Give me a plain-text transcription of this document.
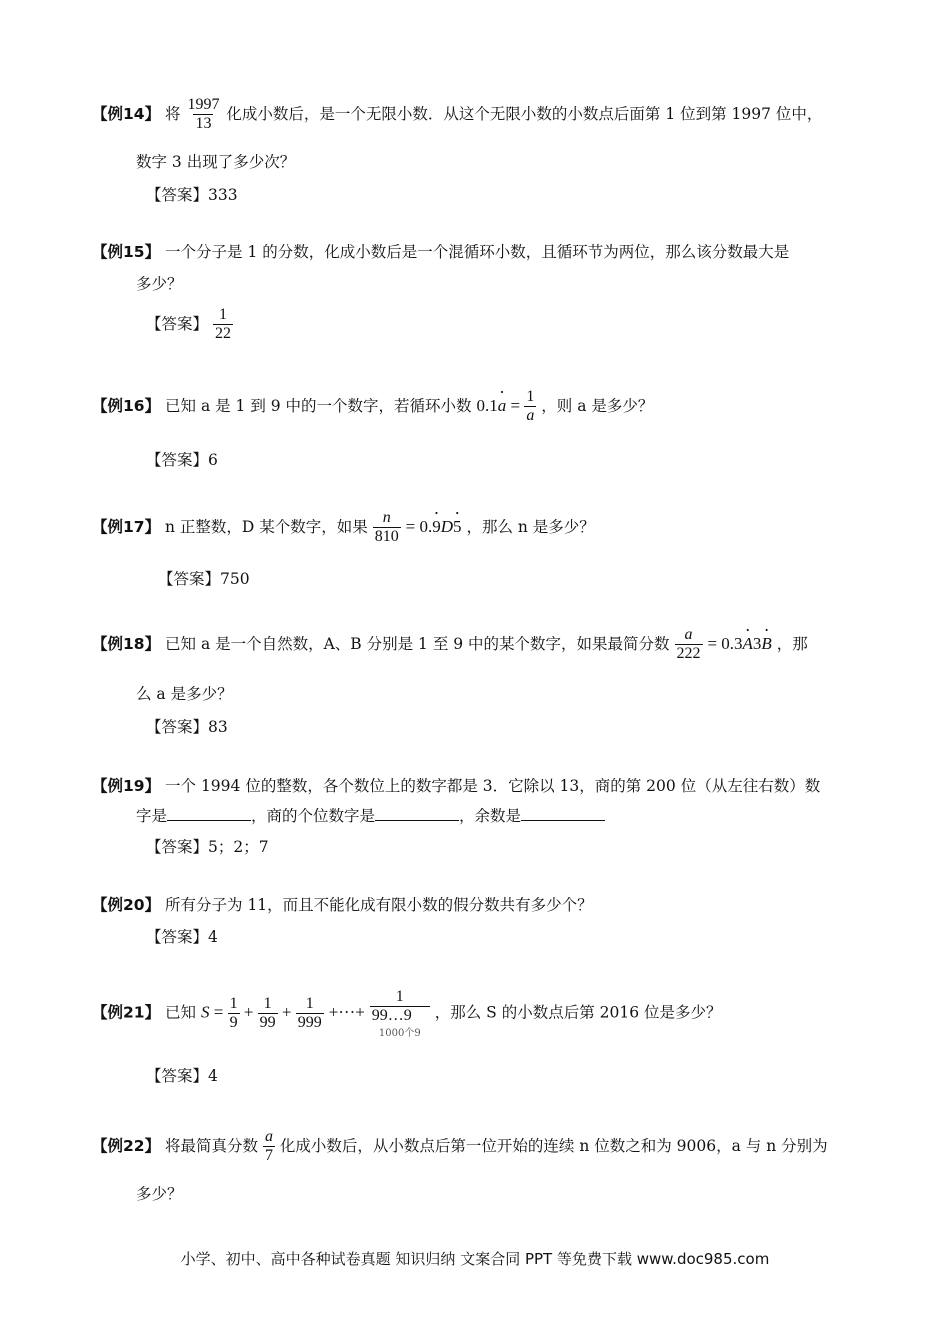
【例14】 将 $\frac{1997}{13}$ 化成小数后，是一个无限小数．从这个无限小数的小数点后面第 1 位到第 1997 位中，
数字 3 出现了多少次？
【答案】333
【例15】 一个分子是 1 的分数，化成小数后是一个混循环小数，且循环节为两位，那么该分数最大是
多少？
【答案】 $\frac{1}{22}$
【例16】 已知 a 是 1 到 9 中的一个数字，若循环小数 $0.1\cdot a = \frac{1}{a}$ ，则 a 是多少？
【答案】6
【例17】 n 正整数，D 某个数字，如果 $\frac{n}{810} = 0.\cdot 9D\cdot 5$ ，那么 n 是多少？
【答案】750
【例18】 已知 a 是一个自然数，A、B 分别是 1 至 9 中的某个数字，如果最简分数 $\frac{a}{222} = 0.3\cdot A3\cdot B$ ，那
么 a 是多少？
【答案】83
【例19】 一个 1994 位的整数，各个数位上的数字都是 3．它除以 13，商的第 200 位（从左往右数）数
字是	，商的个位数字是	，余数是
【答案】5；2；7
【例20】 所有分子为 11，而且不能化成有限小数的假分数共有多少个？
【答案】4
【例21】 已知 $S = \frac{1}{9} + \frac{1}{99} + \frac{1}{999}$ +···+ $\frac{1}{99\dots 9}$
1000个9
，那么 S 的小数点后第 2016 位是多少？
【答案】4
【例22】 将最简真分数 $\frac{a}{7}$ 化成小数后，从小数点后第一位开始的连续 n 位数之和为 9006，a 与 n 分别为
多少？
小学、初中、高中各种试卷真题 知识归纳 文案合同 PPT 等免费下载 www.doc985.com
